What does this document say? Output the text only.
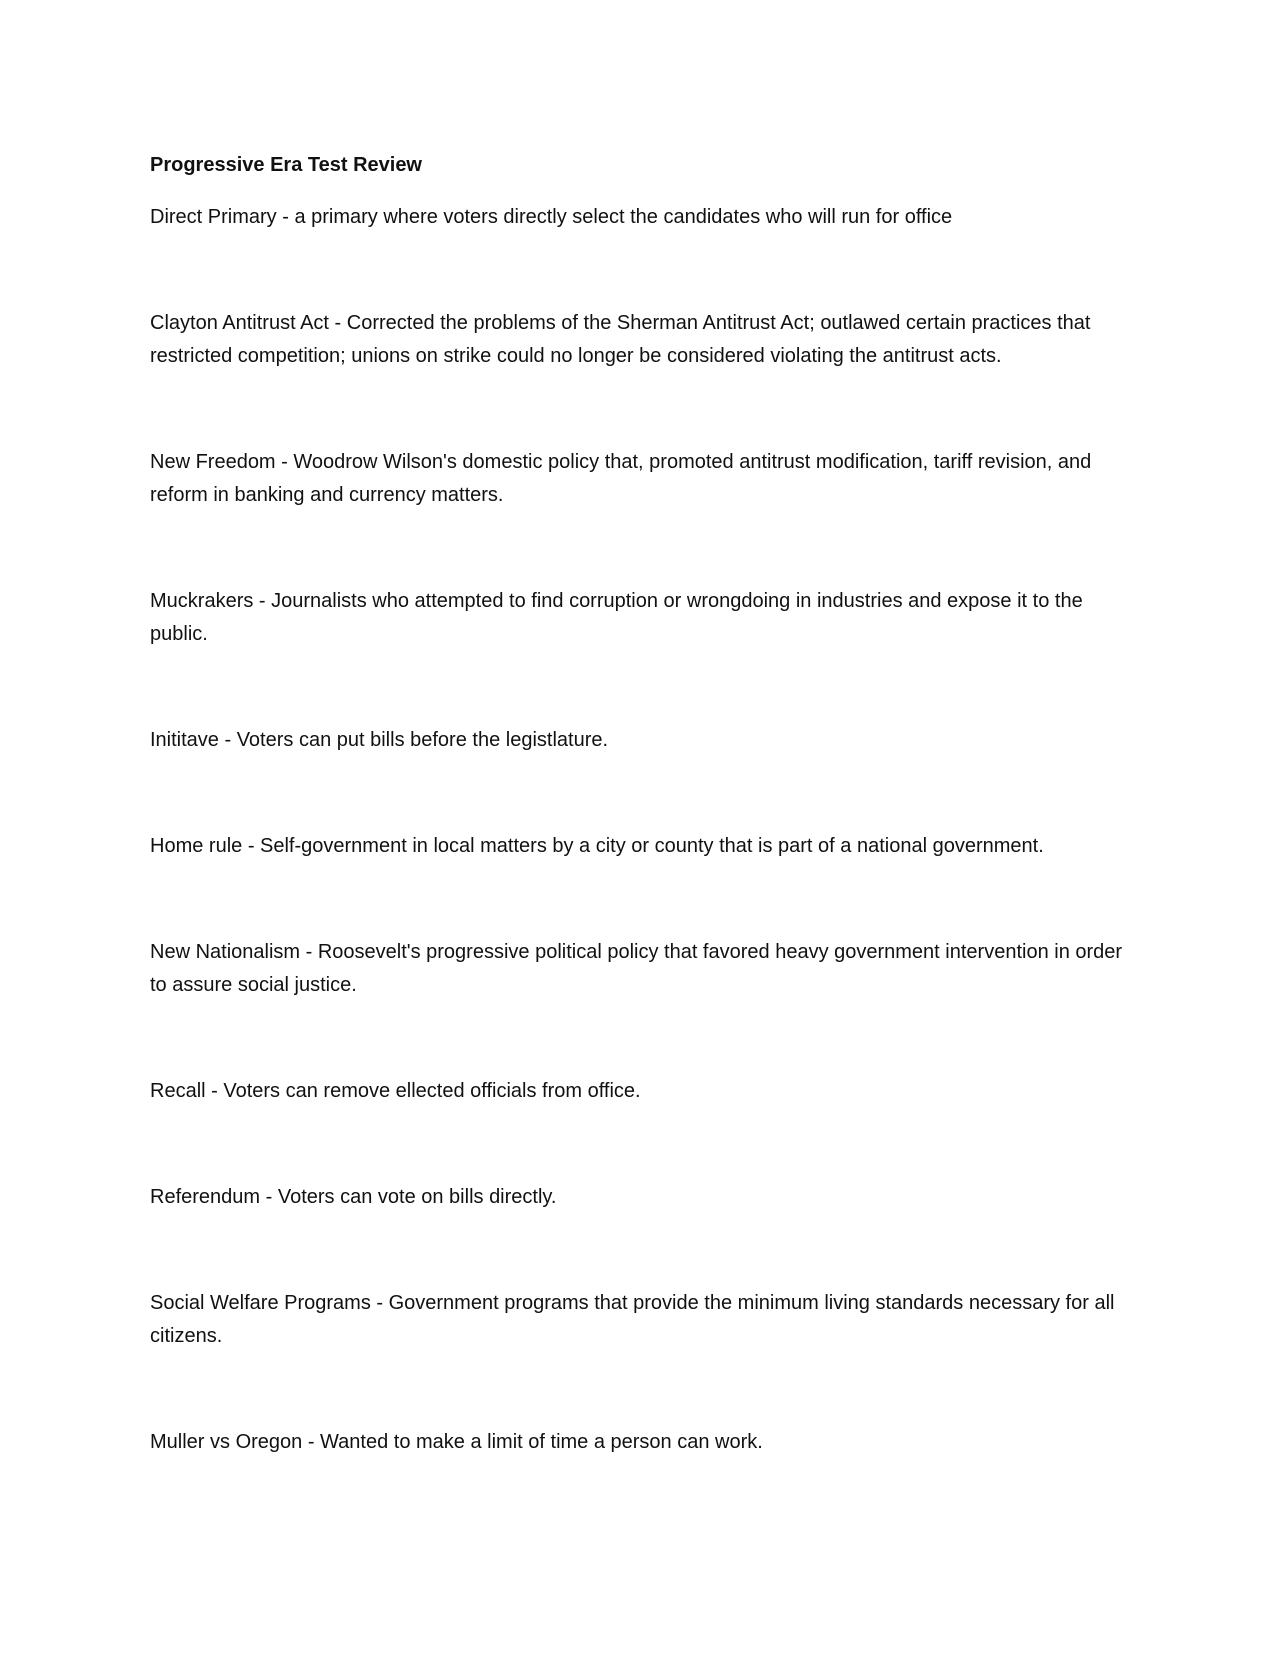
Progressive Era Test Review

Direct Primary - a primary where voters directly select the candidates who will run for office

Clayton Antitrust Act - Corrected the problems of the Sherman Antitrust Act; outlawed certain practices that restricted competition; unions on strike could no longer be considered violating the antitrust acts.

New Freedom - Woodrow Wilson's domestic policy that, promoted antitrust modification, tariff revision, and reform in banking and currency matters.

Muckrakers - Journalists who attempted to find corruption or wrongdoing in industries and expose it to the public.

Inititave - Voters can put bills before the legistlature.

Home rule - Self-government in local matters by a city or county that is part of a national government.

New Nationalism - Roosevelt's progressive political policy that favored heavy government intervention in order to assure social justice.

Recall - Voters can remove ellected officials from office.

Referendum - Voters can vote on bills directly.

Social Welfare Programs - Government programs that provide the minimum living standards necessary for all citizens.

Muller vs Oregon - Wanted to make a limit of time a person can work.
